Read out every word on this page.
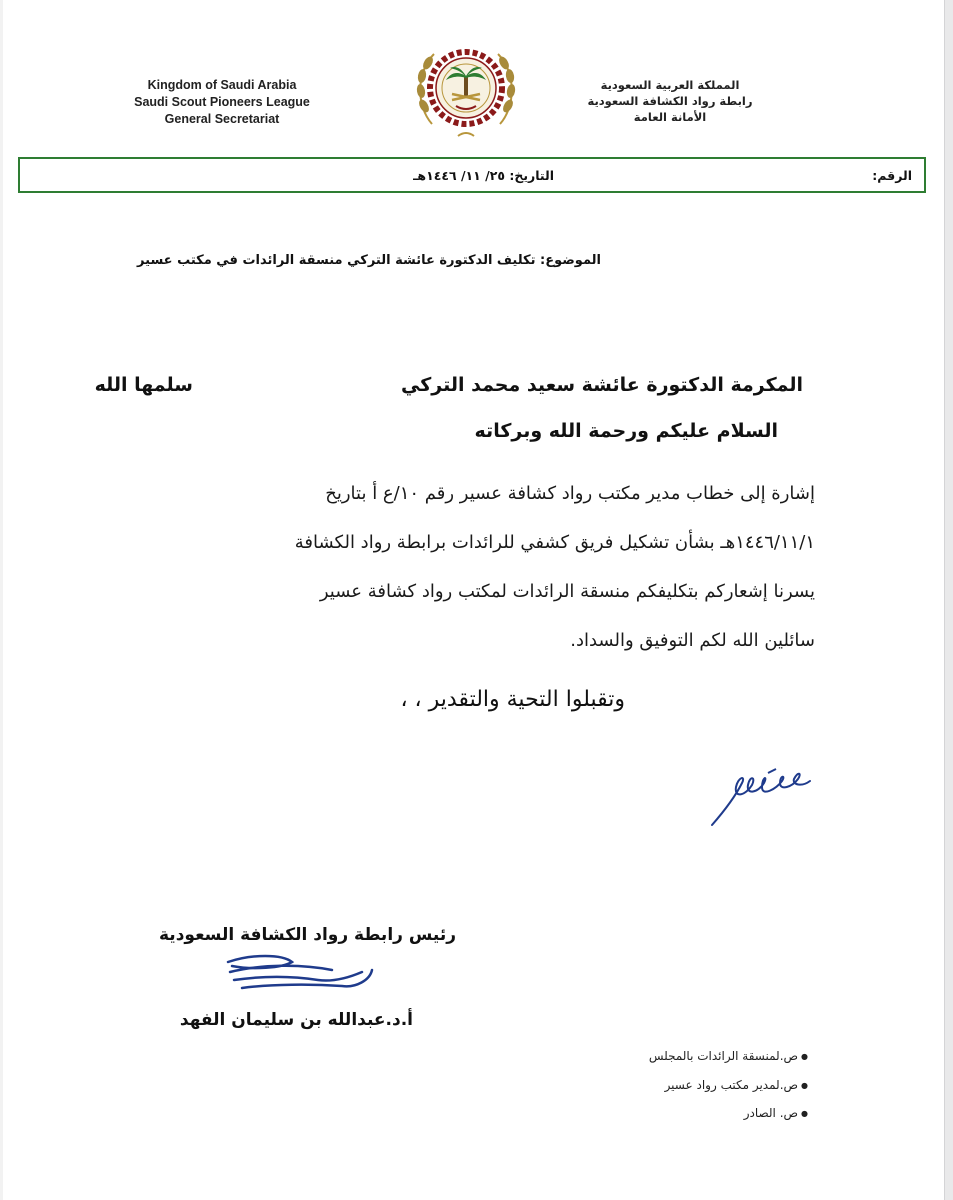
Kingdom of Saudi Arabia
Saudi Scout Pioneers League
General Secretariat
المملكة العربية السعودية
رابطة رواد الكشافة السعودية
الأمانة العامة
الرقم:
التاريخ: ٢٥/ ١١/ ١٤٤٦هـ
الموضوع: تكليف الدكتورة عائشة التركي منسقة الرائدات في مكتب عسير
المكرمة الدكتورة عائشة سعيد محمد التركي
سلمها الله
السلام عليكم ورحمة الله وبركاته
إشارة إلى خطاب مدير مكتب رواد كشافة عسير رقم ١٠/ع أ بتاريخ
١٤٤٦/١١/١هـ بشأن تشكيل فريق كشفي للرائدات برابطة رواد الكشافة
يسرنا إشعاركم بتكليفكم منسقة الرائدات لمكتب رواد كشافة عسير
سائلين الله لكم التوفيق والسداد.
وتقبلوا التحية والتقدير ، ،
رئيس رابطة رواد الكشافة السعودية
أ.د.عبدالله بن سليمان الفهد
● ص.لمنسقة الرائدات بالمجلس
● ص.لمدير مكتب رواد عسير
● ص. الصادر
